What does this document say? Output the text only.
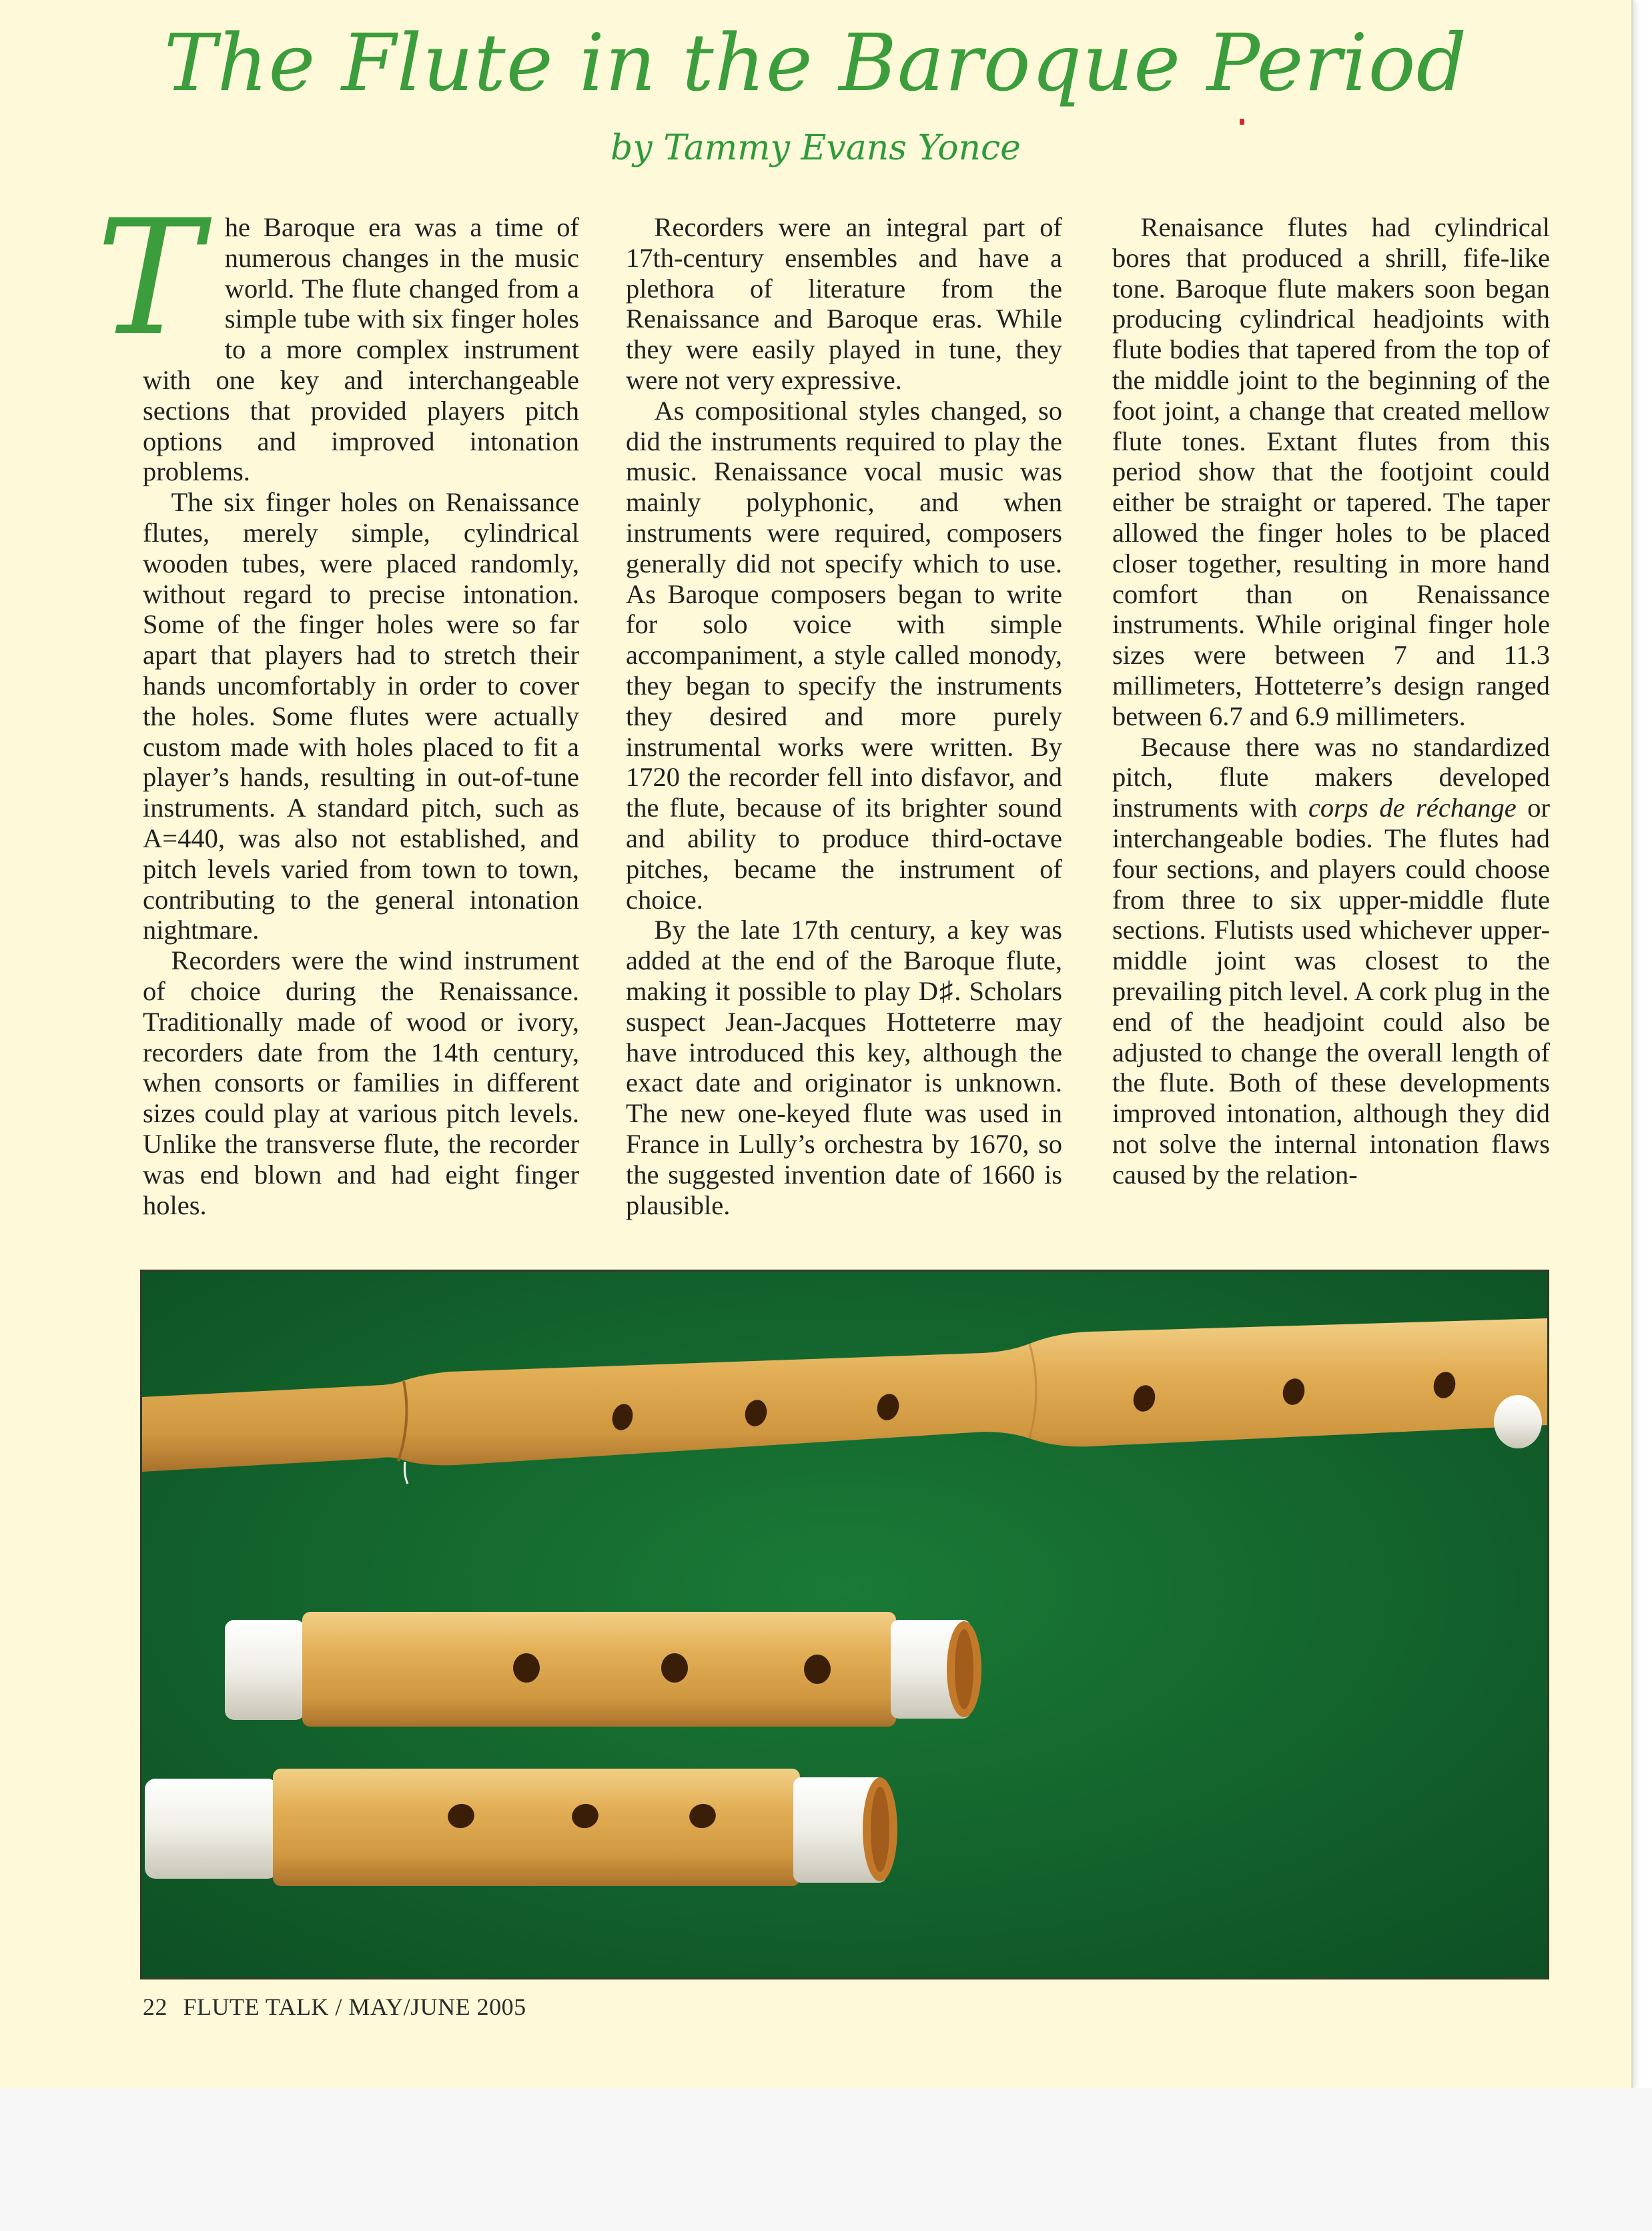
The Flute in the Baroque Period
by Tammy Evans Yonce

The Baroque era was a time of numerous changes in the music world. The flute changed from a simple tube with six finger holes to a more complex instrument with one key and interchangeable sections that provided players pitch options and improved intonation problems.

The six finger holes on Renaissance flutes, merely simple, cylindrical wooden tubes, were placed randomly, without regard to precise intonation. Some of the finger holes were so far apart that players had to stretch their hands uncomfortably in order to cover the holes. Some flutes were actually custom made with holes placed to fit a player’s hands, resulting in out-of-tune instruments. A standard pitch, such as A=440, was also not established, and pitch levels varied from town to town, contributing to the general intonation nightmare.

Recorders were the wind instrument of choice during the Renaissance. Traditionally made of wood or ivory, recorders date from the 14th century, when consorts or families in different sizes could play at various pitch levels. Unlike the transverse flute, the recorder was end blown and had eight finger holes.

Recorders were an integral part of 17th-century ensembles and have a plethora of literature from the Renaissance and Baroque eras. While they were easily played in tune, they were not very expressive.

As compositional styles changed, so did the instruments required to play the music. Renaissance vocal music was mainly polyphonic, and when instruments were required, composers generally did not specify which to use. As Baroque composers began to write for solo voice with simple accompaniment, a style called monody, they began to specify the instruments they desired and more purely instrumental works were written. By 1720 the recorder fell into disfavor, and the flute, because of its brighter sound and ability to produce third-octave pitches, became the instrument of choice.

By the late 17th century, a key was added at the end of the Baroque flute, making it possible to play D♯. Scholars suspect Jean-Jacques Hotteterre may have introduced this key, although the exact date and originator is unknown. The new one-keyed flute was used in France in Lully’s orchestra by 1670, so the suggested invention date of 1660 is plausible.

Renaisance flutes had cylindrical bores that produced a shrill, fife-like tone. Baroque flute makers soon began producing cylindrical headjoints with flute bodies that tapered from the top of the middle joint to the beginning of the foot joint, a change that created mellow flute tones. Extant flutes from this period show that the footjoint could either be straight or tapered. The taper allowed the finger holes to be placed closer together, resulting in more hand comfort than on Renaissance instruments. While original finger hole sizes were between 7 and 11.3 millimeters, Hotteterre’s design ranged between 6.7 and 6.9 millimeters.

Because there was no standardized pitch, flute makers developed instruments with corps de réchange or interchangeable bodies. The flutes had four sections, and players could choose from three to six upper-middle flute sections. Flutists used whichever upper-middle joint was closest to the prevailing pitch level. A cork plug in the end of the headjoint could also be adjusted to change the overall length of the flute. Both of these developments improved intonation, although they did not solve the internal intonation flaws caused by the relation-

22 FLUTE TALK / MAY/JUNE 2005
